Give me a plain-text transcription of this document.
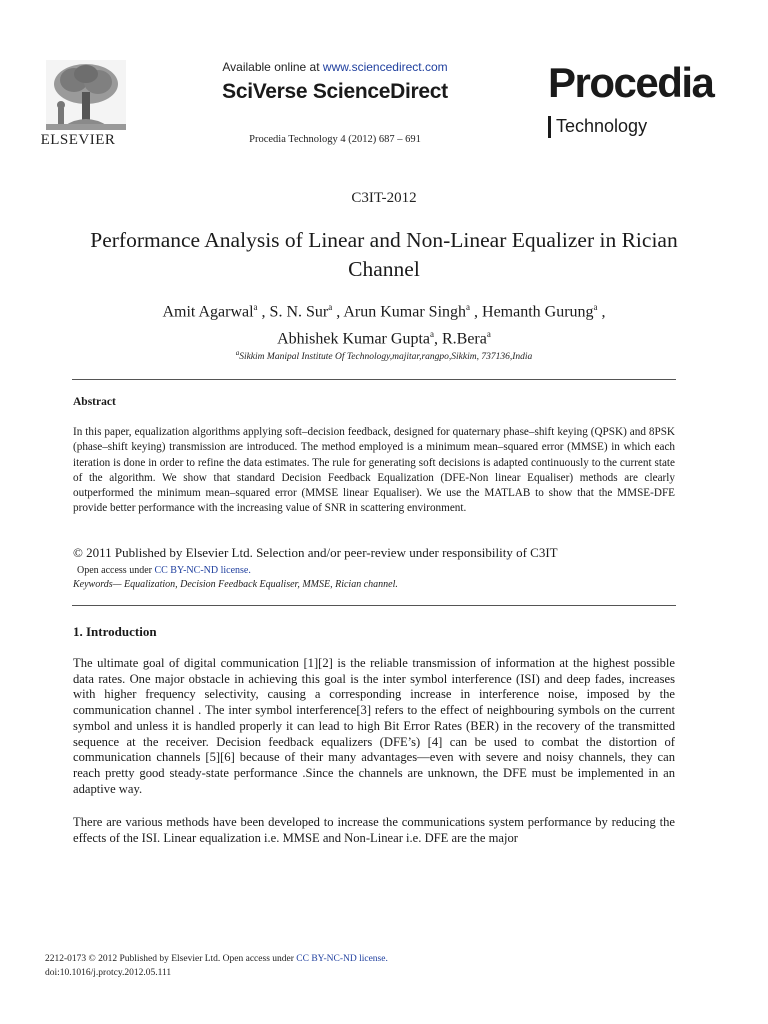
ELSEVIER
Available online at www.sciencedirect.com
SciVerse ScienceDirect
Procedia Technology 4 (2012) 687 – 691
Procedia
Technology
C3IT-2012
Performance Analysis of Linear and Non-Linear Equalizer in Rician Channel
Amit Agarwal$^a$ , S. N. Sur$^a$ , Arun Kumar Singh$^a$ , Hemanth Gurung$^a$ ,
Abhishek Kumar Gupta$^a$, R.Bera$^a$
$^a$Sikkim Manipal Institute Of Technology,majitar,rangpo,Sikkim, 737136,India
Abstract
In this paper, equalization algorithms applying soft–decision feedback, designed for quaternary phase–shift keying (QPSK) and 8PSK (phase–shift keying) transmission are introduced. The method employed is a minimum mean–squared error (MMSE) in which each iteration is done in order to refine the data estimates. The rule for generating soft decisions is adapted continuously to the current state of the algorithm. We show that standard Decision Feedback Equalization (DFE-Non linear Equaliser) methods are clearly outperformed the minimum mean–squared error (MMSE linear Equaliser). We use the MATLAB to show that the MMSE-DFE provide better performance with the increasing value of SNR in scattering environment.
© 2011 Published by Elsevier Ltd. Selection and/or peer-review under responsibility of C3IT
Open access under CC BY-NC-ND license.
Keywords— Equalization, Decision Feedback Equaliser, MMSE, Rician channel.
1. Introduction
The ultimate goal of digital communication [1][2] is the reliable transmission of information at the highest possible data rates. One major obstacle in achieving this goal is the inter symbol interference (ISI) and deep fades, increases with higher frequency selectivity, causing a corresponding increase in interference noise, imposed by the communication channel . The inter symbol interference[3] refers to the effect of neighbouring symbols on the current symbol and unless it is handled properly it can lead to high Bit Error Rates (BER) in the recovery of the transmitted sequence at the receiver. Decision feedback equalizers (DFE’s) [4] can be used to combat the distortion of communication channels [5][6] because of their many advantages—even with severe and noisy channels, they can reach pretty good steady-state performance .Since the channels are unknown, the DFE must be implemented in an adaptive way.
There are various methods have been developed to increase the communications system performance by reducing the effects of the ISI. Linear equalization i.e. MMSE and Non-Linear i.e. DFE are the major
2212-0173 © 2012 Published by Elsevier Ltd. Open access under CC BY-NC-ND license.
doi:10.1016/j.protcy.2012.05.111
